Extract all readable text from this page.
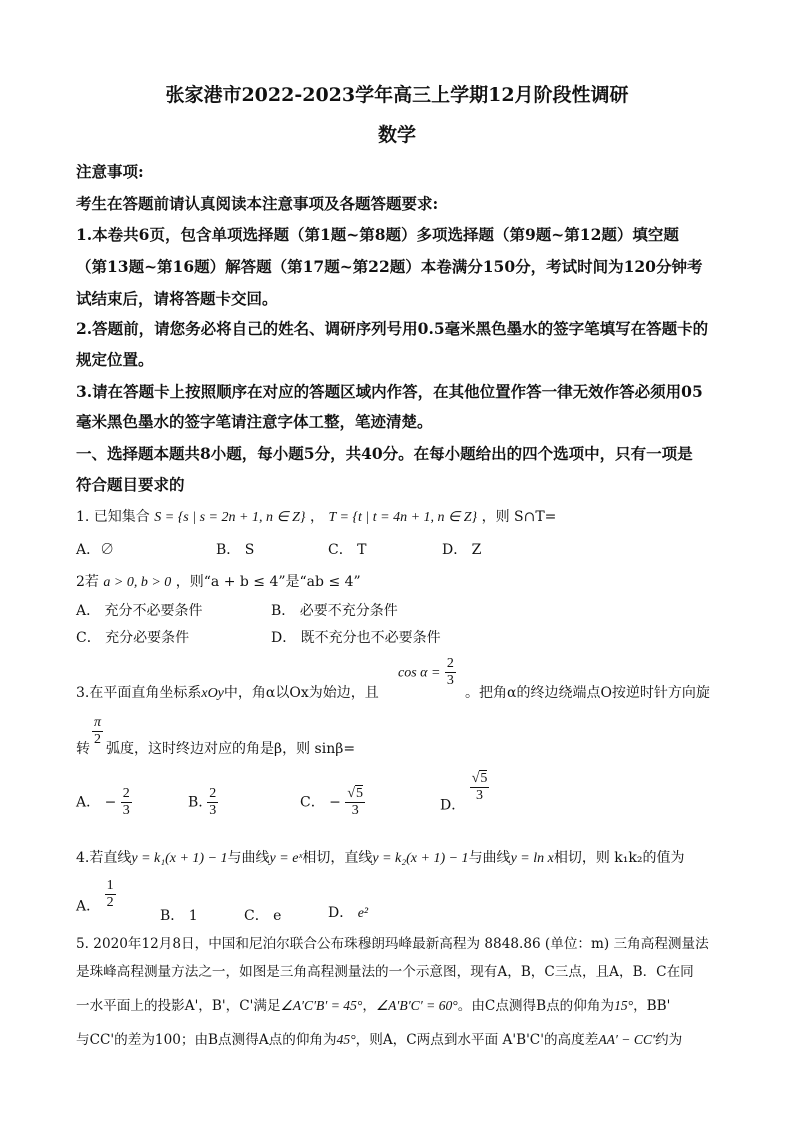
张家港市2022-2023学年高三上学期12月阶段性调研
数学
注意事项:
考生在答题前请认真阅读本注意事项及各题答题要求:
1.本卷共6页，包含单项选择题（第1题~第8题）多项选择题（第9题~第12题）填空题
（第13题~第16题）解答题（第17题~第22题）本卷满分150分，考试时间为120分钟考
试结束后，请将答题卡交回。
2.答题前，请您务必将自己的姓名、调研序列号用0.5毫米黑色墨水的签字笔填写在答题卡的
规定位置。
3.请在答题卡上按照顺序在对应的答题区域内作答，在其他位置作答一律无效作答必须用05
毫米黑色墨水的签字笔请注意字体工整，笔迹清楚。
一、选择题本题共8小题，每小题5分，共40分。在每小题给出的四个选项中，只有一项是
符合题目要求的
1. 已知集合 S = {s | s = 2n + 1, n ∈ Z} ， T = {t | t = 4n + 1, n ∈ Z} ，则 S∩T=
A．∅	B． S	C． T	D． Z
2若 a > 0, b > 0 ，则“a + b ≤ 4”是“ab ≤ 4”
A． 充分不必要条件	B． 必要不充分条件
C． 充分必要条件	D． 既不充分也不必要条件
$\cos \alpha = \frac{2}{3}$
3.在平面直角坐标系xOy中，角α以Ox为始边，且	。把角α的终边绕端点O按逆时针方向旋
$\frac{\pi}{2}$
转 弧度，这时终边对应的角是β，则 sinβ=
A． − $\frac{2}{3}$	B. $\frac{2}{3}$	C． − $\frac{√5}{3}$	D．
$\frac{√5}{3}$
4.若直线y = k₁(x + 1) − 1与曲线y = eˣ相切，直线y = k₂(x + 1) − 1与曲线y = ln x相切，则 k₁k₂的值为
A． $\frac{1}{2}$
B． 1	C． e	D． e²
5. 2020年12月8日，中国和尼泊尔联合公布珠穆朗玛峰最新高程为 8848.86 (单位：m) 三角高程测量法
是珠峰高程测量方法之一，如图是三角高程测量法的一个示意图，现有A，B，C三点，且A，B．C在同
一水平面上的投影A'，B'，C'满足∠A′C′B′ = 45°，∠A′B′C′ = 60°。由C点测得B点的仰角为15°，BB'
与CC'的差为100；由B点测得A点的仰角为45°，则A，C两点到水平面 A'B'C'的高度差AA′ − CC′约为
